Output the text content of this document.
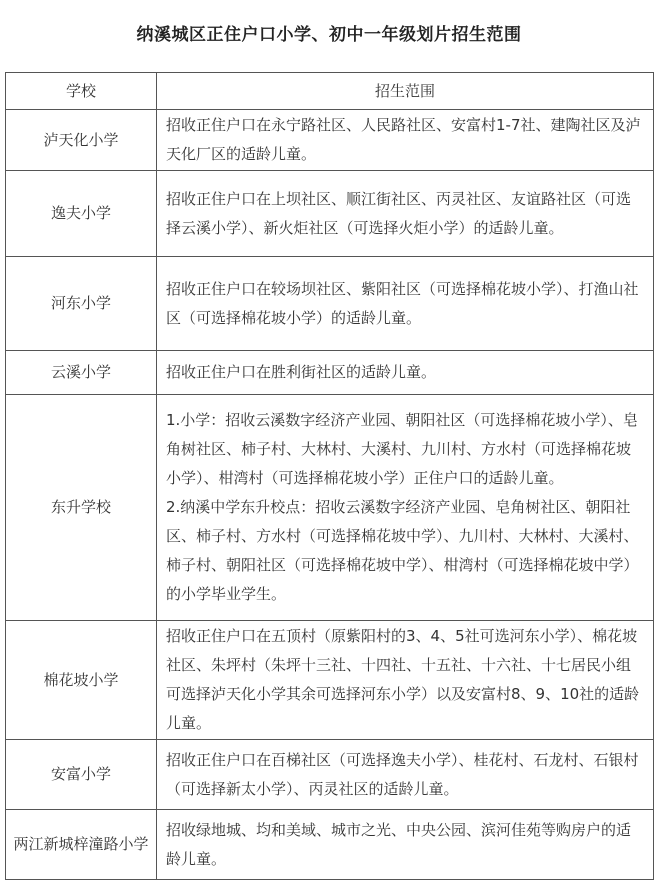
纳溪城区正住户口小学、初中一年级划片招生范围
学校	招生范围
泸天化小学	招收正住户口在永宁路社区、人民路社区、安富村1-7社、建陶社区及泸天化厂区的适龄儿童。

逸夫小学	招收正住户口在上坝社区、顺江街社区、丙灵社区、友谊路社区（可选择云溪小学）、新火炬社区（可选择火炬小学）的适龄儿童。

河东小学	招收正住户口在较场坝社区、紫阳社区（可选择棉花坡小学）、打渔山社区（可选择棉花坡小学）的适龄儿童。

云溪小学	招收正住户口在胜利街社区的适龄儿童。

东升学校	1.小学：招收云溪数字经济产业园、朝阳社区（可选择棉花坡小学）、皂角树社区、柿子村、大林村、大溪村、九川村、方水村（可选择棉花坡小学）、柑湾村（可选择棉花坡小学）正住户口的适龄儿童。
2.纳溪中学东升校点：招收云溪数字经济产业园、皂角树社区、朝阳社区、柿子村、方水村（可选择棉花坡中学）、九川村、大林村、大溪村、柿子村、朝阳社区（可选择棉花坡中学）、柑湾村（可选择棉花坡中学）的小学毕业学生。

棉花坡小学	招收正住户口在五顶村（原紫阳村的3、4、5社可选河东小学）、棉花坡社区、朱坪村（朱坪十三社、十四社、十五社、十六社、十七居民小组可选择泸天化小学其余可选择河东小学）以及安富村8、9、10社的适龄儿童。

安富小学	招收正住户口在百梯社区（可选择逸夫小学）、桂花村、石龙村、石银村（可选择新太小学）、丙灵社区的适龄儿童。

两江新城梓潼路小学	招收绿地城、均和美域、城市之光、中央公园、滨河佳苑等购房户的适龄儿童。
